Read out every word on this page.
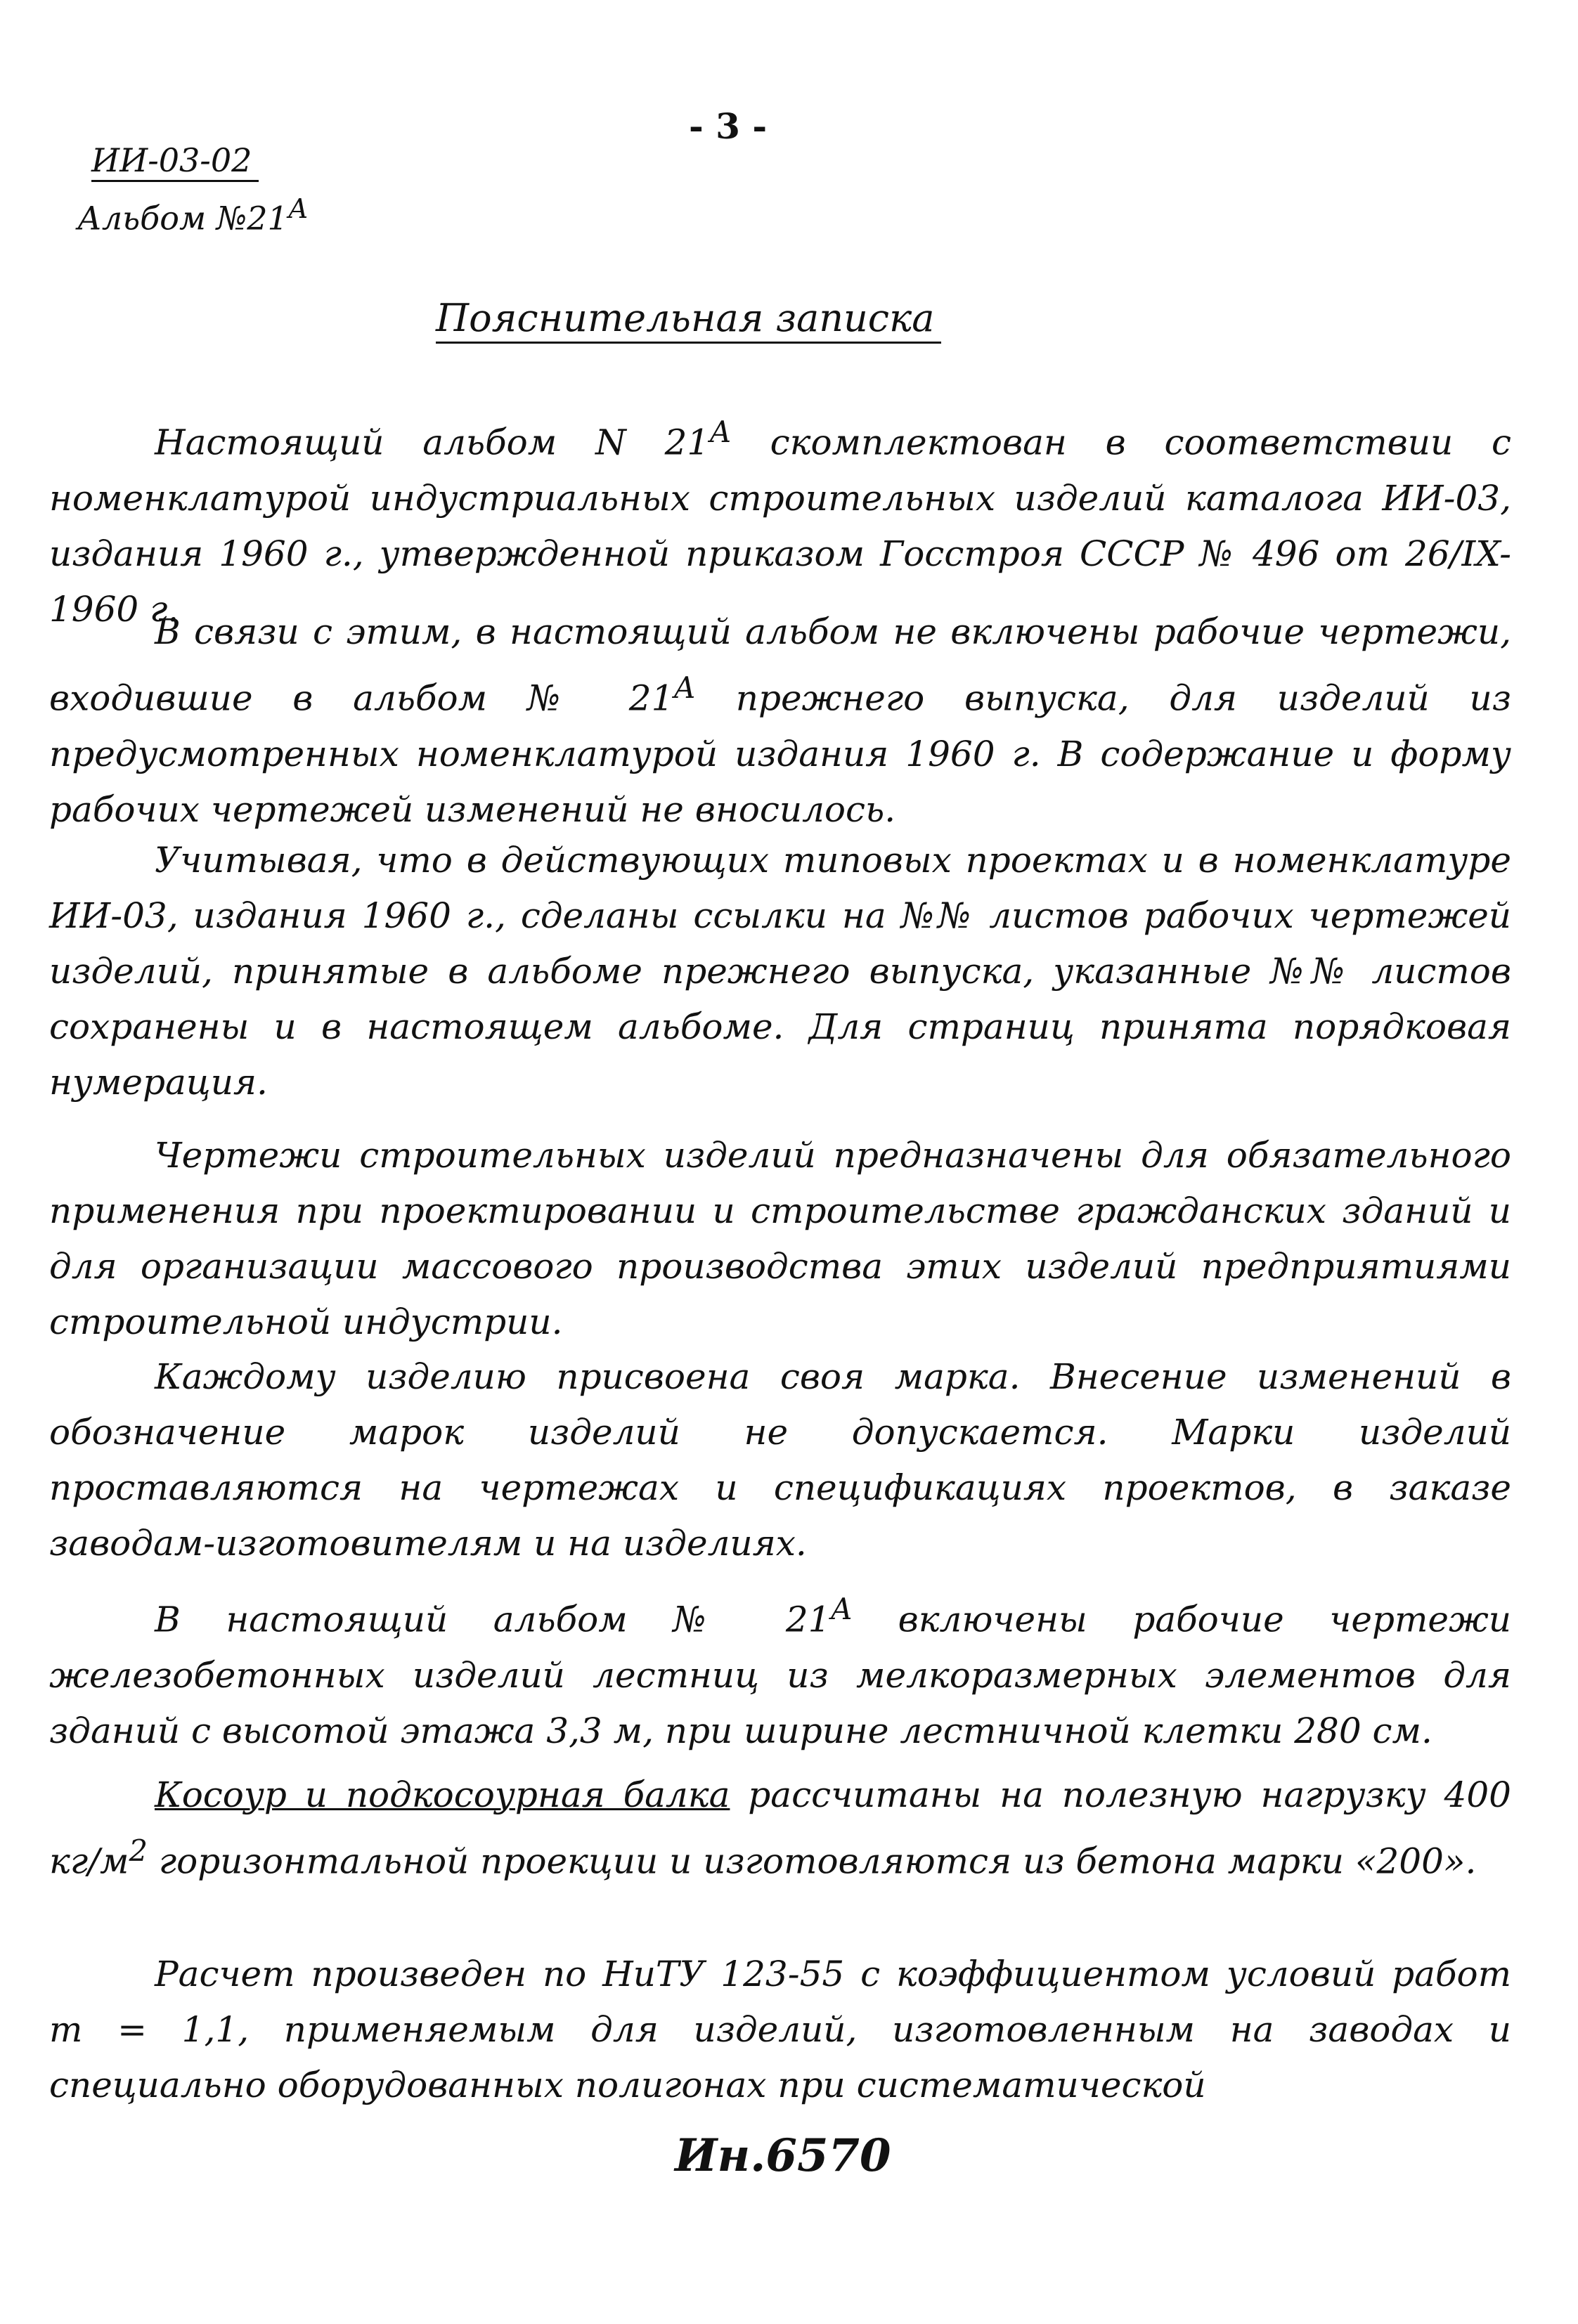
- 3 -
ИИ-03-02
Альбом $№21^А$
Пояснительная записка

Настоящий альбом N $21^А$ скомплектован в соответствии с номенклатурой индустриальных строительных изделий каталога ИИ-03, издания 1960 г., утвержденной приказом Госстроя СССР № 496 от 26/IX-1960 г.

В связи с этим, в настоящий альбом не включены рабочие чертежи, входившие в альбом № $21^А$ прежнего выпуска, для изделий из предусмотренных номенклатурой издания 1960 г. В содержание и форму рабочих чертежей изменений не вносилось.

Учитывая, что в действующих типовых проектах и в номенклатуре ИИ-03, издания 1960 г., сделаны ссылки на №№ листов рабочих чертежей изделий, принятые в альбоме прежнего выпуска, указанные №№ листов сохранены и в настоящем альбоме. Для страниц принята порядковая нумерация.

Чертежи строительных изделий предназначены для обязательного применения при проектировании и строительстве гражданских зданий и для организации массового производства этих изделий предприятиями строительной индустрии.

Каждому изделию присвоена своя марка. Внесение изменений в обозначение марок изделий не допускается. Марки изделий проставляются на чертежах и спецификациях проектов, в заказе заводам-изготовителям и на изделиях.

В настоящий альбом № $21^А$ включены рабочие чертежи железобетонных изделий лестниц из мелкоразмерных элементов для зданий с высотой этажа 3,3 м, при ширине лестничной клетки 280 см.

Косоур и подкосоурная балка рассчитаны на полезную нагрузку 400 $кг/м^2$ горизонтальной проекции и изготовляются из бетона марки «200».

Расчет произведен по НиТУ 123-55 с коэффициентом условий работ m = 1,1, применяемым для изделий, изготовленным на заводах и специально оборудованных полигонах при систематической

Ин.6570
